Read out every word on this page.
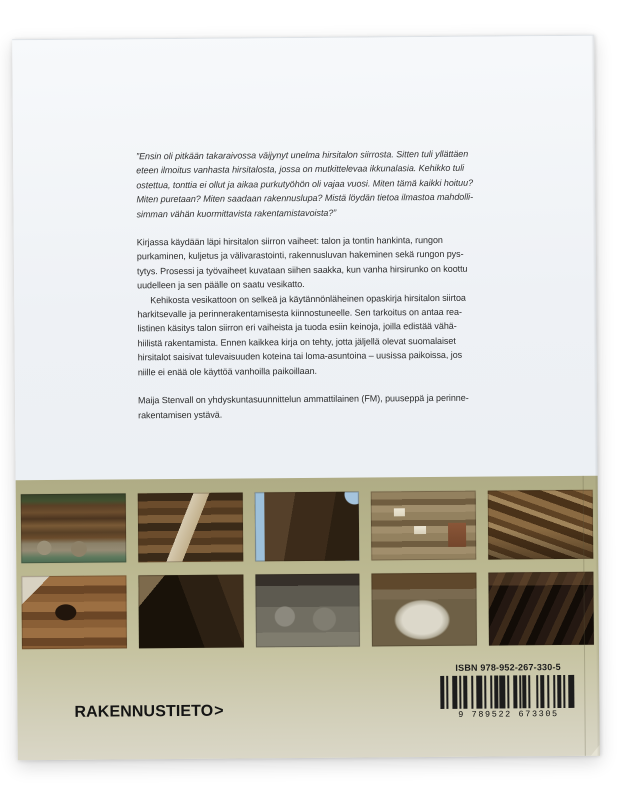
”Ensin oli pitkään takaraivossa väijynyt unelma hirsitalon siirrosta. Sitten tuli yllättäen
eteen ilmoitus vanhasta hirsitalosta, jossa on mutkittelevaa ikkunalasia. Kehikko tuli
ostettua, tonttia ei ollut ja aikaa purkutyöhön oli vajaa vuosi. Miten tämä kaikki hoituu?
Miten puretaan? Miten saadaan rakennuslupa? Mistä löydän tietoa ilmastoa mahdolli-
simman vähän kuormittavista rakentamistavoista?”

Kirjassa käydään läpi hirsitalon siirron vaiheet: talon ja tontin hankinta, rungon
purkaminen, kuljetus ja välivarastointi, rakennusluvan hakeminen sekä rungon pys-
tytys. Prosessi ja työvaiheet kuvataan siihen saakka, kun vanha hirsirunko on koottu
uudelleen ja sen päälle on saatu vesikatto.

Kehikosta vesikattoon on selkeä ja käytännönläheinen opaskirja hirsitalon siirtoa
harkitsevalle ja perinnerakentamisesta kiinnostuneelle. Sen tarkoitus on antaa rea-
listinen käsitys talon siirron eri vaiheista ja tuoda esiin keinoja, joilla edistää vähä-
hiilistä rakentamista. Ennen kaikkea kirja on tehty, jotta jäljellä olevat suomalaiset
hirsitalot saisivat tulevaisuuden koteina tai loma-asuntoina – uusissa paikoissa, jos
niille ei enää ole käyttöä vanhoilla paikoillaan.

Maija Stenvall on yhdyskuntasuunnittelun ammattilainen (FM), puuseppä ja perinne-
rakentamisen ystävä.

RAKENNUSTIETO>
ISBN 978-952-267-330-5
9 789522 673305
